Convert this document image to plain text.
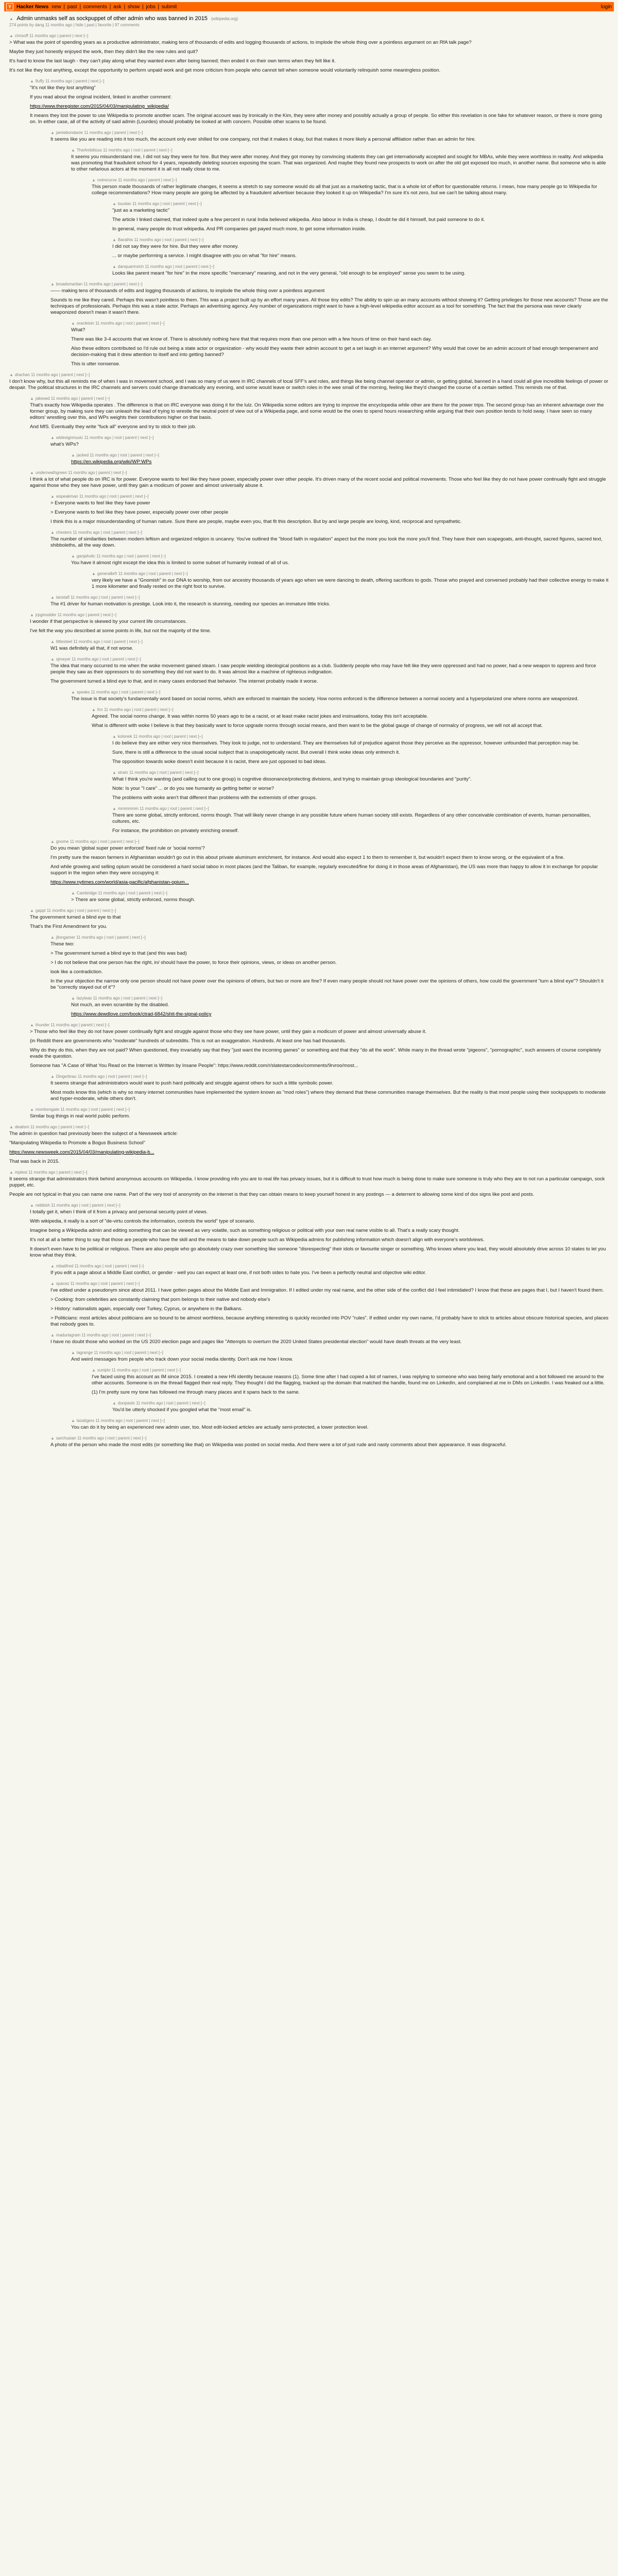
Y	Hacker News new | past | comments | ask | show | jobs | submit	login
▲ Admin unmasks self as sockpuppet of other admin who was banned in 2015 (wikipedia.org)
274 points by dang 11 months ago | hide | past | favorite | 97 comments
▲ chrisoff 11 months ago | parent | next [–]

> What was the point of spending years as a productive administrator, making tens of thousands of edits and logging thousands of actions, to implode the whole thing over a pointless argument on an RfA talk page?

Maybe they just honestly enjoyed the work, then they didn't like the new rules and quit?

It's hard to know the last laugh - they can't play along what they wanted even after being banned; then ended it on their own terms when they felt like it.

It's not like they lost anything, except the opportunity to perform unpaid work and get more criticism from people who cannot tell when someone would voluntarily relinquish some meaningless position.

▲ fluffy 11 months ago | parent | next [–]

"It's not like they lost anything"

If you read about the original incident, linked in another comment:

https://www.theregister.com/2015/04/03/manipulating_wikipedia/

It means they lost the power to use Wikipedia to promote another scam. The original account was by Ironically in the Kim, they were after money and possibly actually a group of people. So either this revelation is one fake for whatever reason, or there is more going on. In either case, all of the activity of said admin (Lourdes) should probably be looked at with concern. Possible other scams to be found.

▲ jamiebondanie 11 months ago | parent | next [–]

It seems like you are reading into it too much, the account only ever shilled for one company, not that it makes it okay, but that makes it more likely a personal affiliation rather than an admin for hire.

▲ TheAmbitious 11 months ago | root | parent | next [–]

It seems you misunderstand me, I did not say they were for hire. But they were after money. And they got money by convincing students they can get internationally accepted and sought for MBAs, while they were worthless in reality. And wikipedia was promoting that fraudulent school for 4 years, repeatedly deleting sources exposing the scam. That was organized. And maybe they found new prospects to work on after the old got exposed too much, in another name. But someone who is able to other nefarious actors at the moment it is all not really close to me.

▲ notrecurve 11 months ago | parent | next [–]

This person made thousands of rather legitimate changes, it seems a stretch to say someone would do all that just as a marketing tactic, that is a whole lot of effort for questionable returns. I mean, how many people go to Wikipedia for college recommendations? How many people are going be affected by a fraudulent advertiser because they looked it up on Wikipedia? I'm sure it's not zero, but we can't be talking about many.

▲ tsuolan 11 months ago | root | parent | next [–]

"just as a marketing tactic"

The article I linked claimed, that indeed quite a few percent in rural India believed wikipedia. Also labour in India is cheap, I doubt he did it himself, but paid someone to do it.

In general, many people do trust wikipedia. And PR companies get payed much more, to get some information inside.

▲ Barathis 11 months ago | root | parent | next [–]

I did not say they were for hire. But they were after money.

... or maybe performing a service. I might disagree with you on what "for hire" means.

▲ danquarmvich 11 months ago | root | parent | next [–]

Looks like parent meant "for hire" in the more specific "mercenary" meaning, and not in the very general, "old enough to be employed" sense you seem to be using.

▲ broadsmartian 11 months ago | parent | next [–]

—— making tens of thousands of edits and logging thousands of actions, to implode the whole thing over a pointless argument

Sounds to me like they cared. Perhaps this wasn't pointless to them. This was a project built up by an effort many years. All those tiny edits? The ability to spin up an many accounts without showing it? Getting privileges for those new accounts? Those are the techniques of professionals. Perhaps this was a state actor. Perhaps an advertising agency. Any number of organizations might want to have a high-level wikipedia editor account as a tool for something. The fact that the persona was never clearly weaponized doesn't mean it wasn't there.

▲ oracleisin 11 months ago | root | parent | next [–]

What?

There was like 3-4 accounts that we know of. There is absolutely nothing here that that requires more than one person with a few hours of time on their hand each day.

Also these editors contributed so I'd rule out being a state actor or organization - why would they waste their admin account to get a set laugh in an internet argument? Why would that cover be an admin account of bad enough temperament and decision-making that it drew attention to itself and into getting banned?

This is utter nonsense.

▲ drachan 11 months ago | parent | next [–]

I don't know why, but this all reminds me of when I was in movement school, and I was so many of us were in IRC channels of local SFF's and roles, and things like being channel operator or admin, or getting global, banned in a hand could all give incredible feelings of power or despair. The political structures in the IRC channels and servers could change dramatically any evening, and some would leave or switch roles in the wee small of the morning, feeling like they'd changed the course of a certain settled. This reminds me of that.

▲ jakesed 11 months ago | parent | next [–]

That's exactly how Wikipedia operates . The difference is that on IRC everyone was doing it for the lulz. On Wikipedia some editors are trying to improve the encyclopedia while other are there for the power trips. The second group has an inherent advantage over the former group, by making sure they can unleash the lead of trying to wrestle the neutral point of view out of a Wikipedia page, and some would be the ones to spend hours researching while arguing that their own position tends to hold sway. I have seen so many editors' wrestling over this, and WPs weights their contributions higher on that basis.

And MfS. Eventually they write "fuck all" everyone and try to stick to their job.

▲ wtdesignmusic 11 months ago | root | parent | next [–]

what's WPs?

▲ jacked 11 months ago | root | parent | next [–]

https://en.wikipedia.org/wiki/WP:WPs

▲ underneathgreen 11 months ago | parent | next [–]

I think a lot of what people do on IRC is for power. Everyone wants to feel like they have power, especially power over other people. It's driven many of the recent social and political movements. Those who feel like they do not have power continually fight and struggle against those who they see have power, until they gain a modicum of power and almost universally abuse it.

▲ wspeakman 11 months ago | root | parent | next [–]

> Everyone wants to feel like they have power

> Everyone wants to feel like they have power, especially power over other people

I think this is a major misunderstanding of human nature. Sure there are people, maybe even you, that fit this description. But by and large people are loving, kind, reciprocal and sympathetic.

▲ chesters 11 months ago | root | parent | next [–]

The number of similarities between modern leftism and organized religion is uncanny. You've outlined the "blood faith in regulation" aspect but the more you look the more you'll find. They have their own scapegoats, anti-thought, sacred figures, sacred text, shibboleths, all the way down.

▲ ganjaholic 11 months ago | root | parent | next [–]

You have it almost right except the idea this is limited to some subset of humanity instead of all of us.

▲ generalbrfr 11 months ago | root | parent | next [–]

very likely we have a "Gnomish" in our DNA to worship, from our ancestry thousands of years ago when we were dancing to death, offering sacrifices to gods. Those who prayed and conversed probably had their collective energy to make it 1 more kilometer and finally rested on the right foot to survive.

▲ tanstafl 11 months ago | root | parent | next [–]

The #1 driver for human motivation is prestige. Look into it, the research is stunning, needing our species an immature little tricks.

▲ jrpgmodder 11 months ago | parent | next [–]

I wonder if that perspective is skewed by your current life circumstances.

I've felt the way you described at some points in life, but not the majority of the time.

▲ littlesteel 11 months ago | root | parent | next [–]

W1 was definitely all that, if not worse.

▲ sjmeyer 11 months ago | root | parent | next [–]

The idea that many occurred to me when the woke movement gained steam. I saw people wielding ideological positions as a club. Suddenly people who may have felt like they were oppressed and had no power, had a new weapon to oppress and force people they saw as their oppressors to do something they did not want to do. It was almost like a machine of righteous indignation.

The government turned a blind eye to that, and in many cases endorsed that behavior. The internet probably made it worse.

▲ speaks 11 months ago | root | parent | next [–]

The issue is that society's fundamentally word based on social norms, which are enforced to maintain the society. How norms enforced is the difference between a normal society and a hyperpolarized one where norms are weaponized.

▲ fcn 11 months ago | root | parent | next [–]

Agreed. The social norms change. It was within norms 50 years ago to be a racist, or at least make racist jokes and insinuations, today this isn't acceptable.

What is different with woke I believe is that they basically want to force upgrade norms through social means, and then want to be the global gauge of change of normalcy of progress, we will not all accept that.

▲ kolonek 11 months ago | root | parent | next [–]

I do believe they are either very nice themselves. They look to judge, not to understand. They are themselves full of prejudice against those they perceive as the oppressor, however unfounded that perception may be.

Sure, there is still a difference to the usual social subject that is unapologetically racist. But overall I think woke ideas only entrench it.

The opposition towards woke doesn't exist because it is racist, there are just opposed to bad ideas.

▲ strain 11 months ago | root | parent | next [–]

What I think you're wanting (and calling out to one group) is cognitive dissonance/protecting divisions, and trying to maintain group ideological boundaries and "purity".

Note: Is your "I care" ... or do you see humanity as getting better or worse?

The problems with woke aren't that different than problems with the extremists of other groups.

▲ mmmmmm 11 months ago | root | parent | next [–]

There are some global, strictly enforced, norms though. That will likely never change in any possible future where human society still exists. Regardless of any other conceivable combination of events, human personalities, cultures, etc.

For instance, the prohibition on privately enriching oneself.

▲ gnome 11 months ago | root | parent | next [–]

Do you mean 'global super power enforced' fixed rule or 'social norms'?

I'm pretty sure the reason farmers in Afghanistan wouldn't go out in this about private aluminum enrichment, for instance. And would also expect 1 to them to remember it, but wouldn't expect them to know wrong, or the equivalent of a fine.

And while growing and selling opium would be considered a hard social taboo in most places (and the Taliban, for example, regularly executed/fine for doing it in those areas of Afghanistan), the US was more than happy to allow it in exchange for popular support in the region when they were occupying it:

https://www.nytimes.com/world/asia-pacific/afghanistan-opium...

▲ Cambridge 11 months ago | root | parent | next [–]

> There are some global, strictly enforced, norms though.

▲ gappl 11 months ago | root | parent | next [–]

The government turned a blind eye to that

That's the First Amendment for you.

▲ jllongamer 11 months ago | root | parent | next [–]

These two:

> The government turned a blind eye to that (and this was bad)

> I do not believe that one person has the right, in/ should have the power, to force their opinions, views, or ideas on another person.

look like a contradiction.

In the your objection the narrow only one person should not have power over the opinions of others, but two or more are fine? If even many people should not have power over the opinions of others, how could the government "turn a blind eye"? Shouldn't it be "correctly stayed out of it"?

▲ lazyteas 11 months ago | root | parent | next [–]

Not much, an even scramble by the disabled.

https://www.dewdlove.com/book/ctrad-6842/shit-the-signal-policy

▲ thunder 11 months ago | parent | next [–]

> Those who feel like they do not have power continually fight and struggle against those who they see have power, until they gain a modicum of power and almost universally abuse it.

(in Reddit there are governments who "moderate" hundreds of subreddits. This is not an exaggeration. Hundreds. At least one has had thousands.

Why do they do this, when they are not paid? When questioned, they invariably say that they "just want the incoming games" or something and that they "do all the work". While many in the thread wrote "pigeons", "pornographic", such answers of course completely evade the question.

Someone has "A Case of What You Read on the Internet is Written by Insane People": https://www.reddit.com/r/slatestarcodex/comments/9rvroo/most...

▲ Dingerbrau 11 months ago | root | parent | next [–]

It seems strange that administrators would want to push hard politically and struggle against others for such a little symbolic power.

Most mods know this (which is why so many internet communities have implemented the system known as "mod roles") where they demand that these communities manage themselves. But the reality is that most people using their sockpuppets to moderate and hyper-moderate, while others don't.

▲ monitorsgate 11 months ago | root | parent | next [–]

Similar bug things in real world public perform.

▲ dealism 11 months ago | parent | next [–]

The admin in question had previously been the subject of a Newsweek article:

"Manipulating Wikipedia to Promote a Bogus Business School"

https://www.newsweek.com/2015/04/03/manipulating-wikipedia-b...

That was back in 2015.

▲ mptest 11 months ago | parent | next [–]

It seems strange that administrators think behind anonymous accounts on Wikipedia. I know providing info you are to real life has privacy issues, but it is difficult to trust how much is being done to make sure someone is truly who they are to not run a particular campaign, sock puppet, etc.

People are not typical in that you can name one name. Part of the very tool of anonymity on the internet is that they can obtain means to keep yourself honest in any postings — a deterrent to allowing some kind of dox signs like post and posts.

▲ nebbish 11 months ago | root | parent | next [–]

I totally get it, when I think of it from a privacy and personal security point of views.

With wikipedia, it really is a sort of "de-virtu controls the information, controls the world" type of scenario.

Imagine being a Wikipedia admin and editing something that can be viewed as very volatile, such as something religious or political with your own real name visible to all. That's a really scary thought.

It's not at all a better thing to say that those are people who have the skill and the means to take down people such as Wikipedia admins for publishing information which doesn't align with everyone's worldviews.

It doesn't even have to be political or religious. There are also people who go absolutely crazy over something like someone "disrespecting" their idols or favourite singer or something. Who knows where you lead, they would absolutely drive across 10 states to let you know what they think.

▲ mbatifred 11 months ago | root | parent | next [–]

If you edit a page about a Middle East conflict, or gender - well you can expect at least one, if not both sides to hate you. I've been a perfectly neutral and objective wiki editor.

▲ spacez 11 months ago | root | parent | next [–]

I've edited under a pseudonym since about 2011. I have gotten pages about the Middle East and Immigration. If I edited under my real name, and the other side of the conflict did I feel intimidated? I know that these are pages that I, but I haven't found them.

> Cooking: from celebrities are constantly claiming that porn belongs to their native and nobody else's

> History: nationalists again, especially over Turkey, Cyprus, or anywhere in the Balkans.

> Politicians: most articles about politicians are so bound to be almost worthless, because anything interesting is quickly recorded into POV "rules". If edited under my own name, I'd probably have to stick to articles about obscure historical species, and places that nobody goes to.

▲ maduriagram 11 months ago | root | parent | next [–]

I have no doubt those who worked on the US 2020 election page and pages like "Attempts to overturn the 2020 United States presidential election" would have death threats at the very least.

▲ lagrange 11 months ago | root | parent | next [–]

And weird messages from people who track down your social media identity. Don't ask me how I know.

▲ xuniplo 11 months ago | root | parent | next [–]

I've faced using this account as IM since 2015. I created a new HN identity because reasons (1). Some time after I had copied a list of names, I was replying to someone who was being fairly emotional and a bot followed me around to the other accounts. Someone is on the thread flagged their real reply. They thought I did the flagging, tracked up the domain that matched the handle, found me on LinkedIn, and complained at me in DMs on LinkedIn. I was freaked out a little.

(1) I'm pretty sure my tone has followed me through many places and it spans back to the same.

▲ dunpaolo 11 months ago | root | parent | next [–]

You'd be utterly shocked if you googled what the "most email" is.

▲ lazatigers 11 months ago | root | parent | next [–]

You can do it by being an experienced new admin user, too. Most edit-locked articles are actually semi-protected, a lower protection level.

▲ sarchusian 11 months ago | root | parent | next [–]

A photo of the person who made the most edits (or something like that) on Wikipedia was posted on social media. And there were a lot of just rude and nasty comments about their appearance. It was disgraceful.
